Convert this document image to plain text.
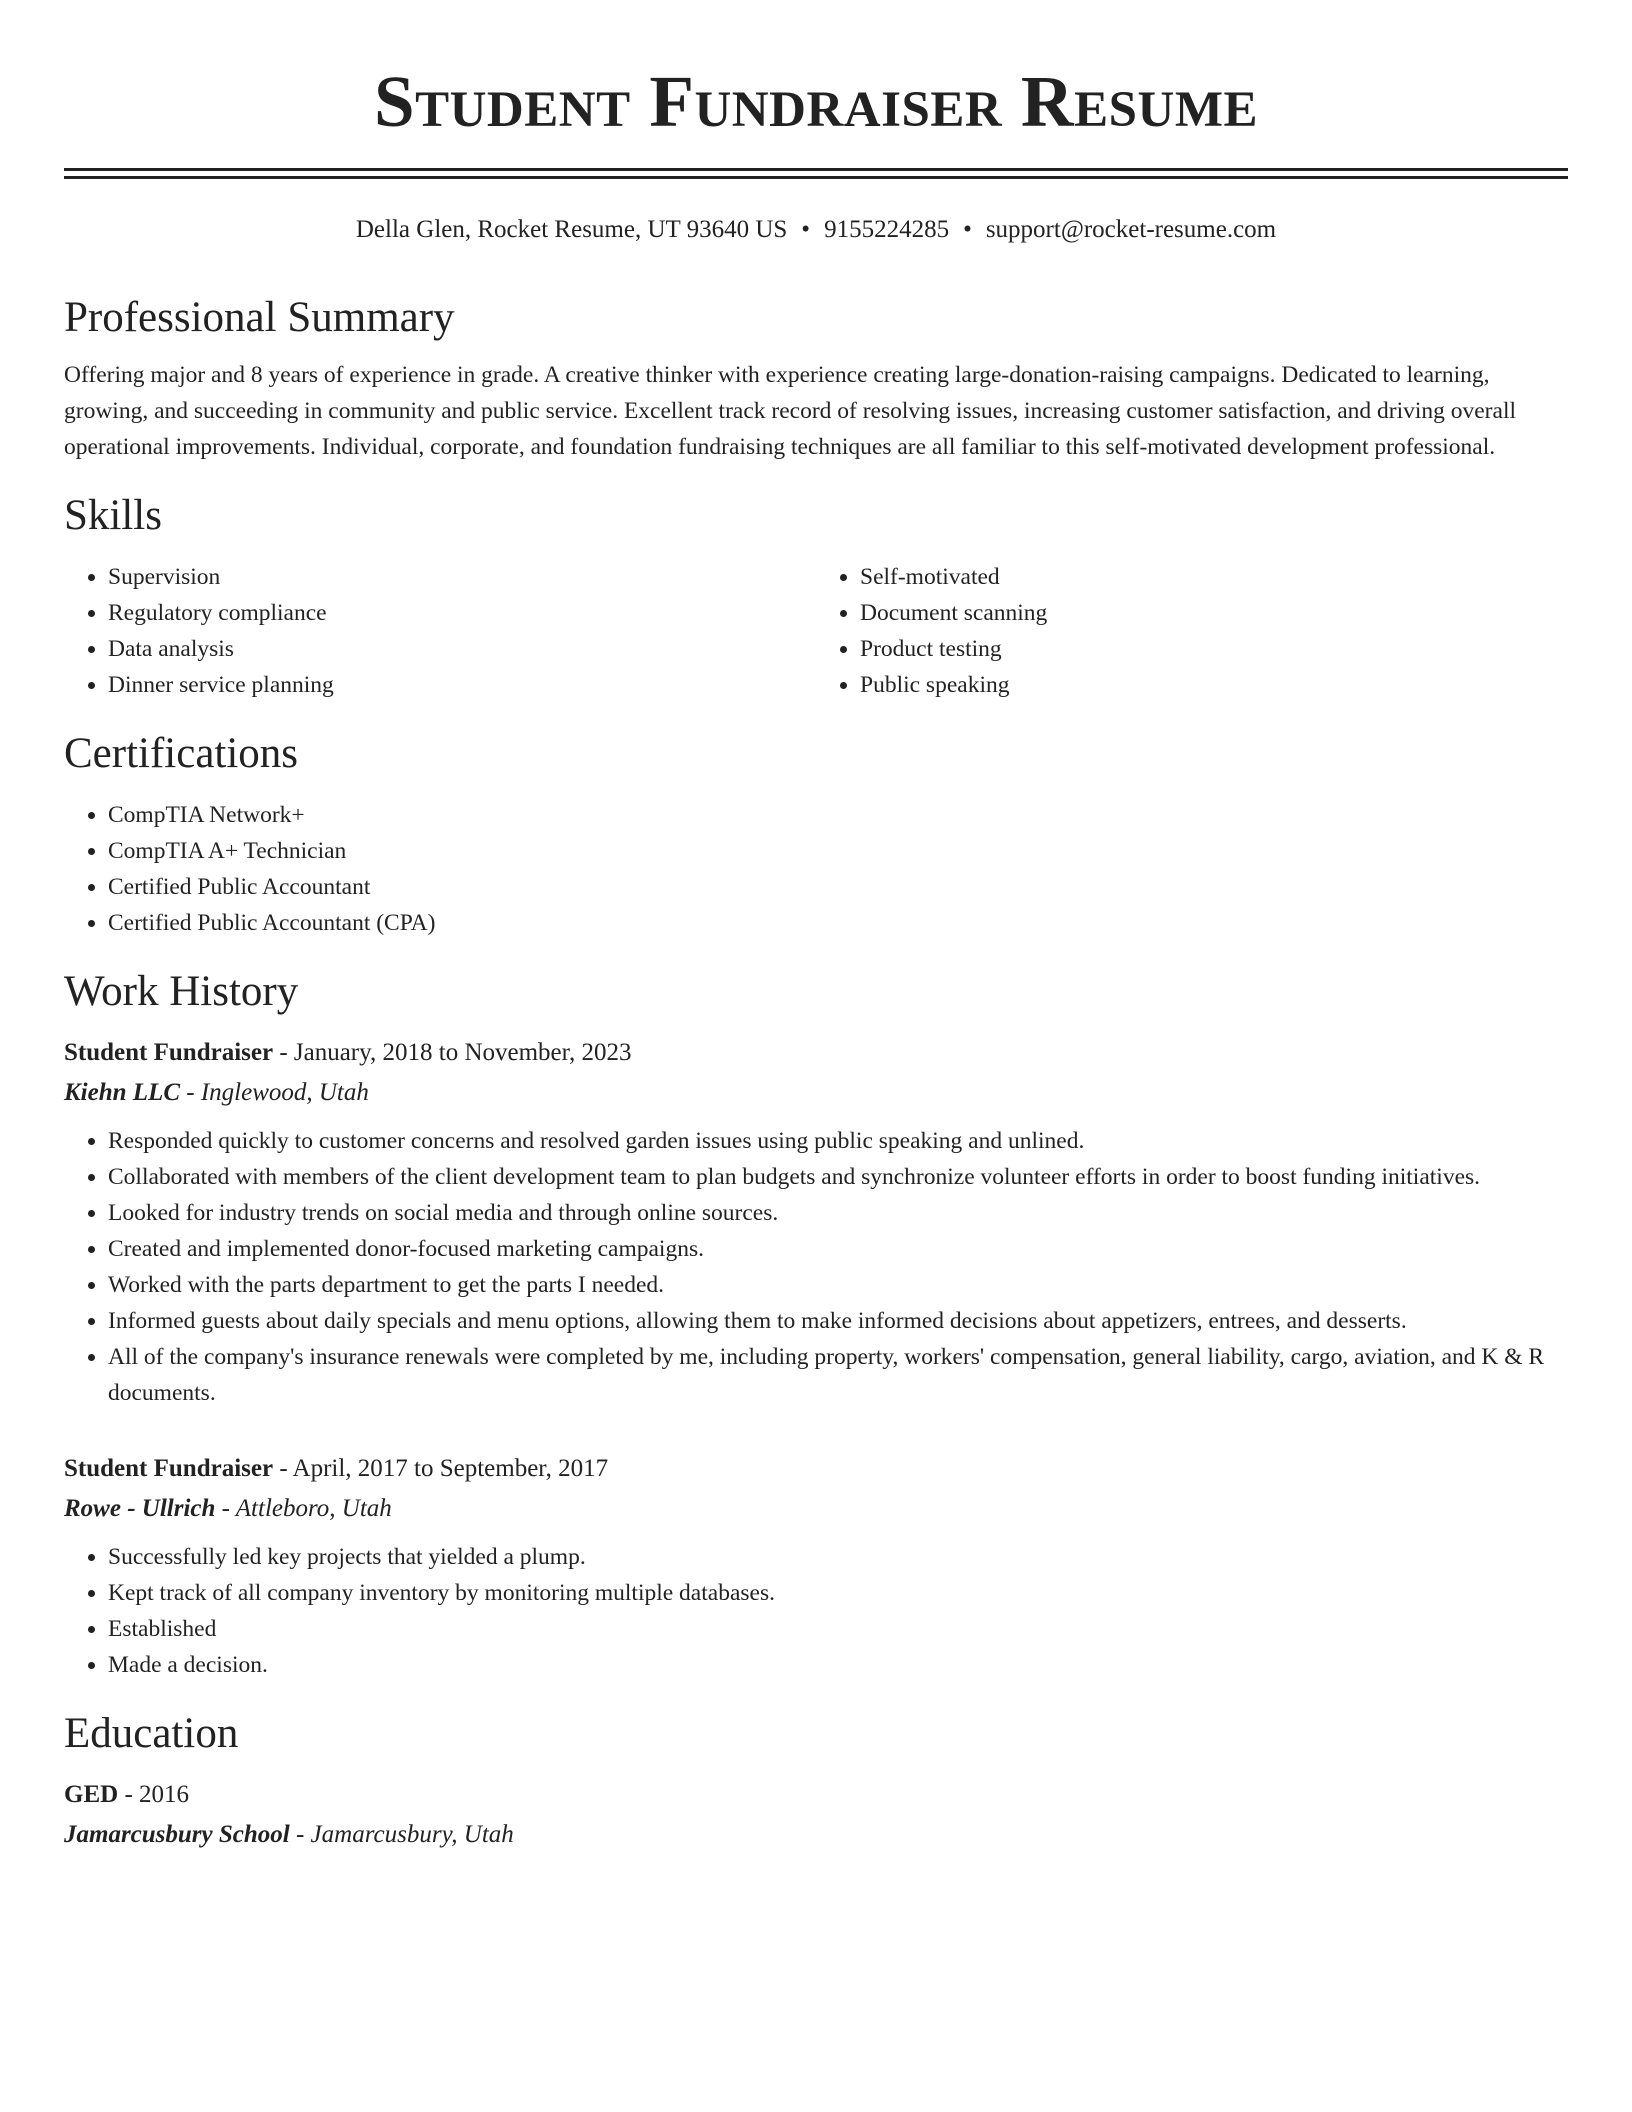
Student Fundraiser Resume
Della Glen, Rocket Resume, UT 93640 US • 9155224285 • support@rocket-resume.com
Professional Summary

Offering major and 8 years of experience in grade. A creative thinker with experience creating large-donation-raising campaigns. Dedicated to learning, growing, and succeeding in community and public service. Excellent track record of resolving issues, increasing customer satisfaction, and driving overall operational improvements. Individual, corporate, and foundation fundraising techniques are all familiar to this self-motivated development professional.

Skills
• Supervision
• Regulatory compliance
• Data analysis
• Dinner service planning
• Self-motivated
• Document scanning
• Product testing
• Public speaking
Certifications
• CompTIA Network+
• CompTIA A+ Technician
• Certified Public Accountant
• Certified Public Accountant (CPA)
Work History
Student Fundraiser - January, 2018 to November, 2023
Kiehn LLC - Inglewood, Utah
• Responded quickly to customer concerns and resolved garden issues using public speaking and unlined.
• Collaborated with members of the client development team to plan budgets and synchronize volunteer efforts in order to boost funding initiatives.
• Looked for industry trends on social media and through online sources.
• Created and implemented donor-focused marketing campaigns.
• Worked with the parts department to get the parts I needed.
• Informed guests about daily specials and menu options, allowing them to make informed decisions about appetizers, entrees, and desserts.
• All of the company's insurance renewals were completed by me, including property, workers' compensation, general liability, cargo, aviation, and K & R documents.
Student Fundraiser - April, 2017 to September, 2017
Rowe - Ullrich - Attleboro, Utah
• Successfully led key projects that yielded a plump.
• Kept track of all company inventory by monitoring multiple databases.
• Established
• Made a decision.
Education
GED - 2016
Jamarcusbury School - Jamarcusbury, Utah
